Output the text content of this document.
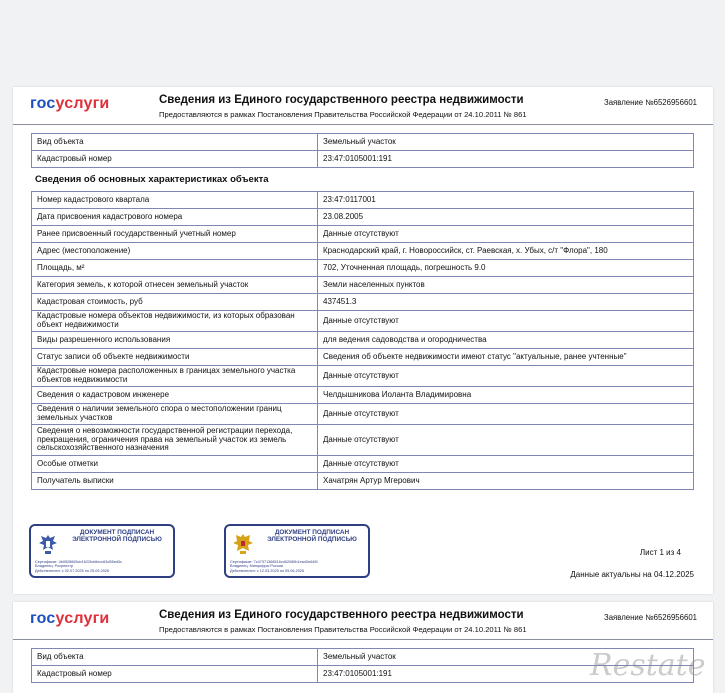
госуслуги	Сведения из Единого государственного реестра недвижимости
Предоставляются в рамках Постановления Правительства Российской Федерации от 24.10.2011 № 861
Заявление №6526956601
Вид объекта	Земельный участок
Кадастровый номер	23:47:0105001:191
Сведения об основных характеристиках объекта
Номер кадастрового квартала	23:47:0117001
Дата присвоения кадастрового номера	23.08.2005
Ранее присвоенный государственный учетный номер	Данные отсутствуют
Адрес (местоположение)	Краснодарский край, г. Новороссийск, ст. Раевская, х. Убых, с/т "Флора", 180
Площадь, м²	702, Уточненная площадь, погрешность 9.0
Категория земель, к которой отнесен земельный участок	Земли населенных пунктов
Кадастровая стоимость, руб	437451.3
Кадастровые номера объектов недвижимости, из которых образован объект недвижимости	Данные отсутствуют
Виды разрешенного использования	для ведения садоводства и огородничества
Статус записи об объекте недвижимости	Сведения об объекте недвижимости имеют статус "актуальные, ранее учтенные"
Кадастровые номера расположенных в границах земельного участка объектов недвижимости	Данные отсутствуют
Сведения о кадастровом инженере	Челдышникова Иоланта Владимировна
Сведения о наличии земельного спора о местоположении границ земельных участков	Данные отсутствуют
Сведения о невозможности государственной регистрации перехода, прекращения, ограничения права на земельный участок из земель сельскохозяйственного назначения	Данные отсутствуют
Особые отметки	Данные отсутствуют
Получатель выписки	Хачатрян Артур Мгерович
ДОКУМЕНТ ПОДПИСАН ЭЛЕКТРОННОЙ ПОДПИСЬЮ
Сертификат: 4b0528665cb1622fcb6ecc63d55ed3c
Владелец: Росреестр
Действителен: с 02.07.2025 по 25.09.2026
ДОКУМЕНТ ПОДПИСАН ЭЛЕКТРОННОЙ ПОДПИСЬЮ
Сертификат: 7c47371368516cd02080b1ea40e645f
Владелец: Минцифры России
Действителен: с 12.03.2025 по 05.06.2026
Лист 1 из 4
Данные актуальны на 04.12.2025
госуслуги	Сведения из Единого государственного реестра недвижимости
Предоставляются в рамках Постановления Правительства Российской Федерации от 24.10.2011 № 861
Заявление №6526956601
Вид объекта	Земельный участок
Кадастровый номер	23:47:0105001:191	Restate
